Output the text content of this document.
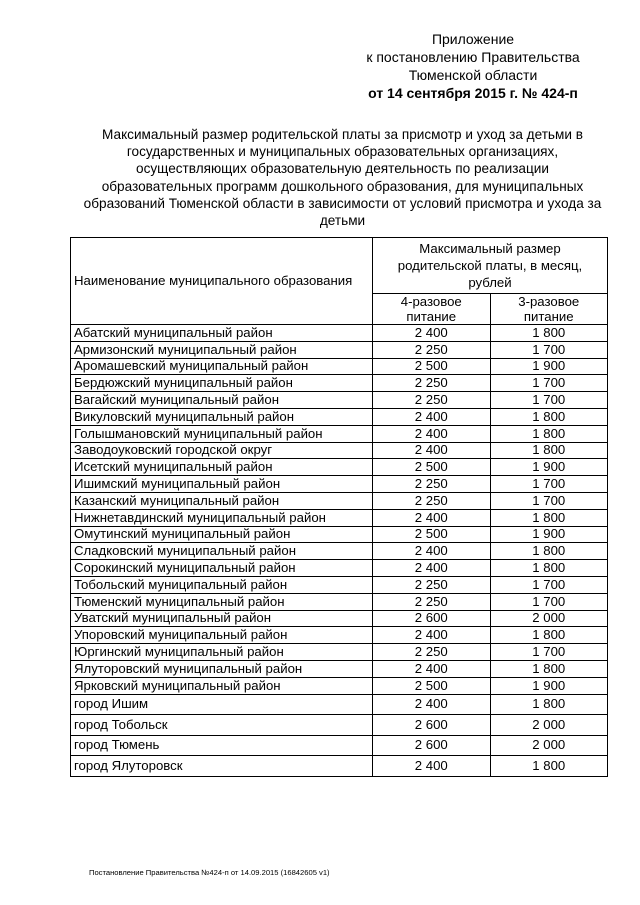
Приложение
к постановлению Правительства
Тюменской области
от 14 сентября 2015 г. № 424-п
Максимальный размер родительской платы за присмотр и уход за детьми в государственных и муниципальных образовательных организациях, осуществляющих образовательную деятельность по реализации образовательных программ дошкольного образования, для муниципальных образований Тюменской области в зависимости от условий присмотра и ухода за детьми
Наименование муниципального образования	Максимальный размер родительской платы, в месяц, рублей	
	4-разовое питание	3-разовое питание
Абатский муниципальный район	2 400	1 800
Армизонский муниципальный район	2 250	1 700
Аромашевский муниципальный район	2 500	1 900
Бердюжский муниципальный район	2 250	1 700
Вагайский муниципальный район	2 250	1 700
Викуловский муниципальный район	2 400	1 800
Голышмановский муниципальный район	2 400	1 800
Заводоуковский городской округ	2 400	1 800
Исетский муниципальный район	2 500	1 900
Ишимский муниципальный район	2 250	1 700
Казанский муниципальный район	2 250	1 700
Нижнетавдинский муниципальный район	2 400	1 800
Омутинский муниципальный район	2 500	1 900
Сладковский муниципальный район	2 400	1 800
Сорокинский муниципальный район	2 400	1 800
Тобольский муниципальный район	2 250	1 700
Тюменский муниципальный район	2 250	1 700
Уватский муниципальный район	2 600	2 000
Упоровский муниципальный район	2 400	1 800
Юргинский муниципальный район	2 250	1 700
Ялуторовский муниципальный район	2 400	1 800
Ярковский муниципальный район	2 500	1 900
город Ишим	2 400	1 800
город Тобольск	2 600	2 000
город Тюмень	2 600	2 000
город Ялуторовск	2 400	1 800
Постановление Правительства №424-п от 14.09.2015 (16842605 v1)
